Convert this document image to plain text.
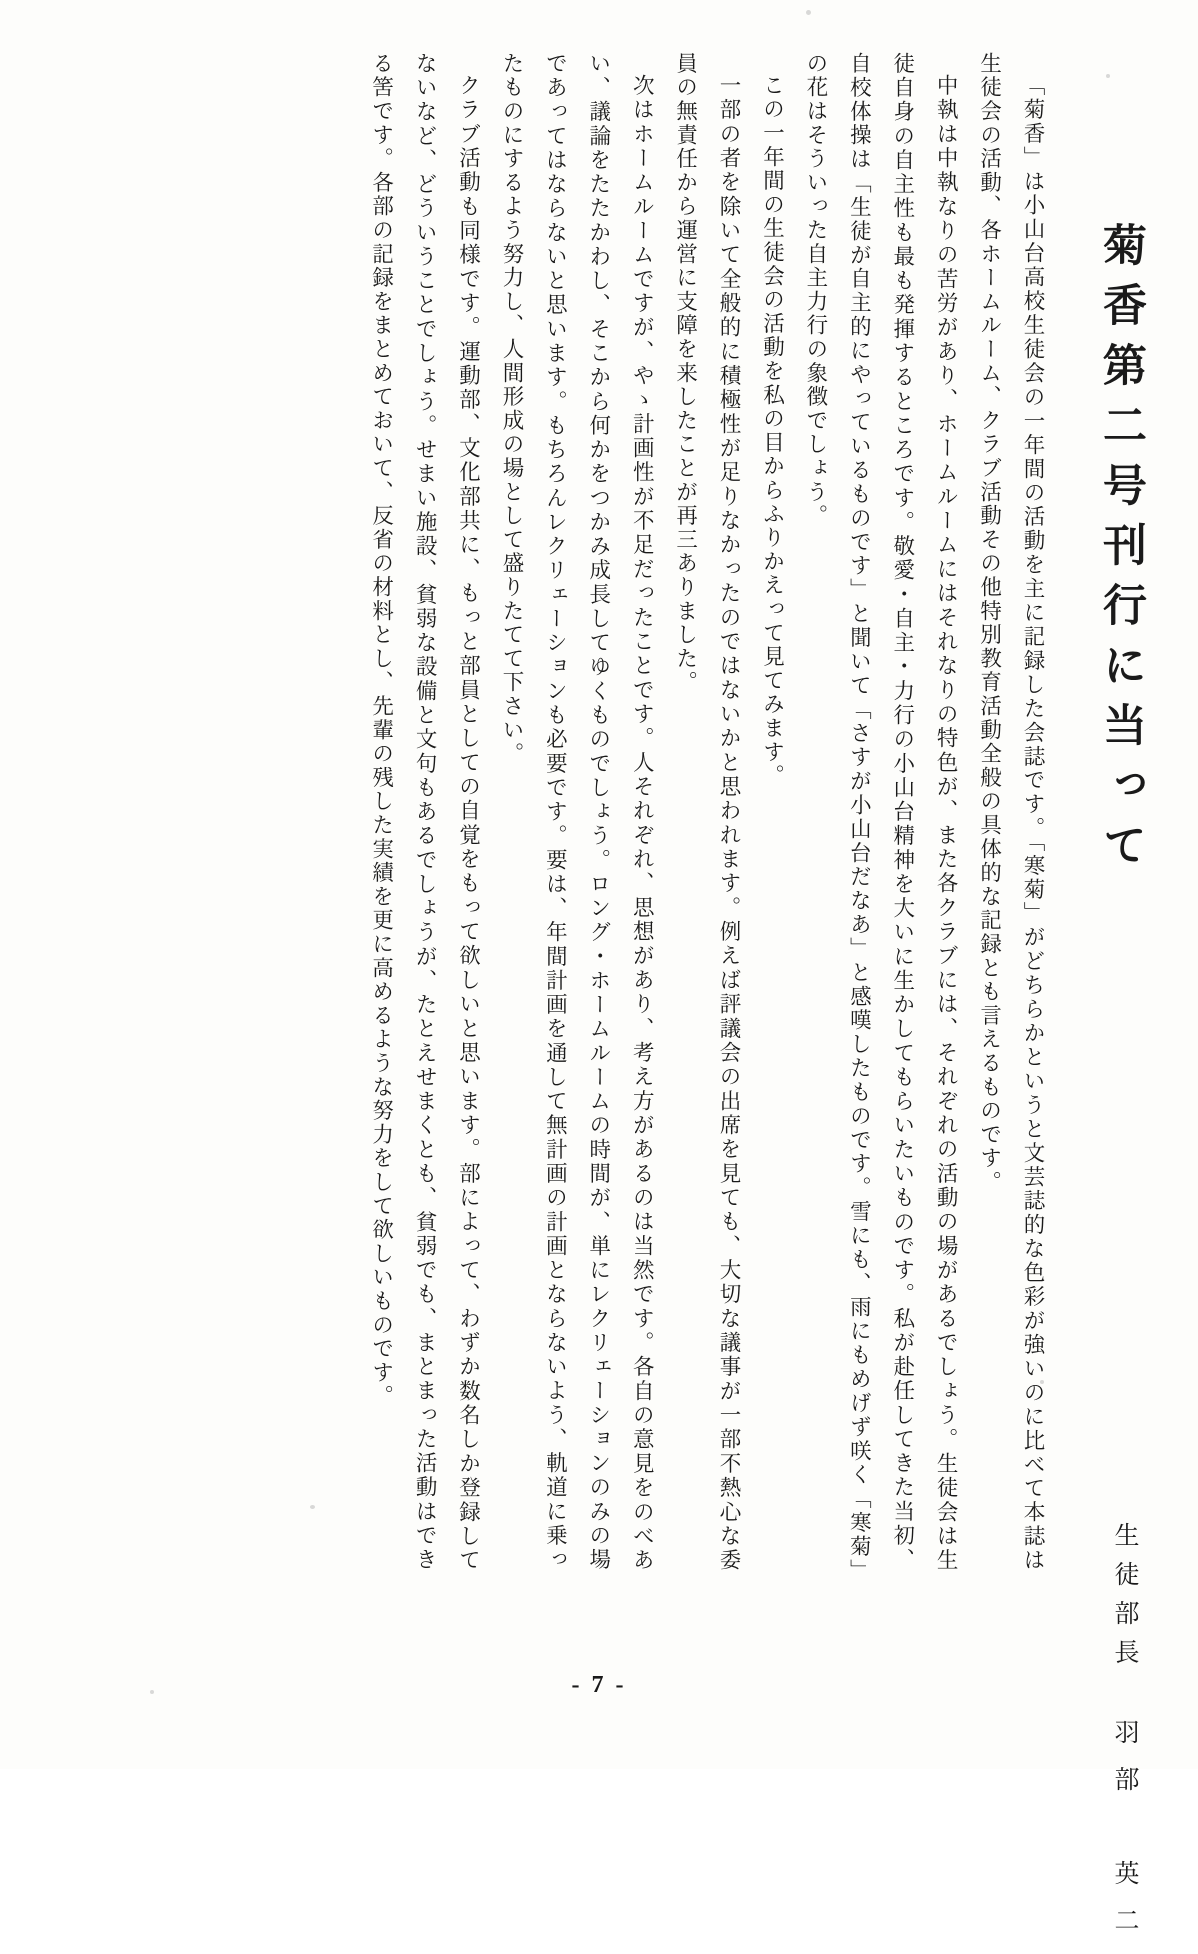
菊香第二号刊行に当って
生徒部長 羽部　英二

「菊香」は小山台高校生徒会の一年間の活動を主に記録した会誌です。「寒菊」がどちらかというと文芸誌的な色彩が強いのに比べて本誌は生徒会の活動、各ホームルーム、クラブ活動その他特別教育活動全般の具体的な記録とも言えるものです。

中執は中執なりの苦労があり、ホームルームにはそれなりの特色が、また各クラブには、それぞれの活動の場があるでしょう。生徒会は生徒自身の自主性も最も発揮するところです。敬愛・自主・力行の小山台精神を大いに生かしてもらいたいものです。私が赴任してきた当初、自校体操は「生徒が自主的にやっているものです」と聞いて「さすが小山台だなあ」と感嘆したものです。雪にも、雨にもめげず咲く「寒菊」の花はそういった自主力行の象徴でしょう。

この一年間の生徒会の活動を私の目からふりかえって見てみます。

一部の者を除いて全般的に積極性が足りなかったのではないかと思われます。例えば評議会の出席を見ても、大切な議事が一部不熱心な委員の無責任から運営に支障を来したことが再三ありました。

次はホームルームですが、やゝ計画性が不足だったことです。人それぞれ、思想があり、考え方があるのは当然です。各自の意見をのべあい、議論をたたかわし、そこから何かをつかみ成長してゆくものでしょう。ロング・ホームルームの時間が、単にレクリェーションのみの場であってはならないと思います。もちろんレクリェーションも必要です。要は、年間計画を通して無計画の計画とならないよう、軌道に乗ったものにするよう努力し、人間形成の場として盛りたてて下さい。

クラブ活動も同様です。運動部、文化部共に、もっと部員としての自覚をもって欲しいと思います。部によって、わずか数名しか登録してないなど、どういうことでしょう。せまい施設、貧弱な設備と文句もあるでしょうが、たとえせまくとも、貧弱でも、まとまった活動はできる筈です。各部の記録をまとめておいて、反省の材料とし、先輩の残した実績を更に高めるような努力をして欲しいものです。

- 7 -
